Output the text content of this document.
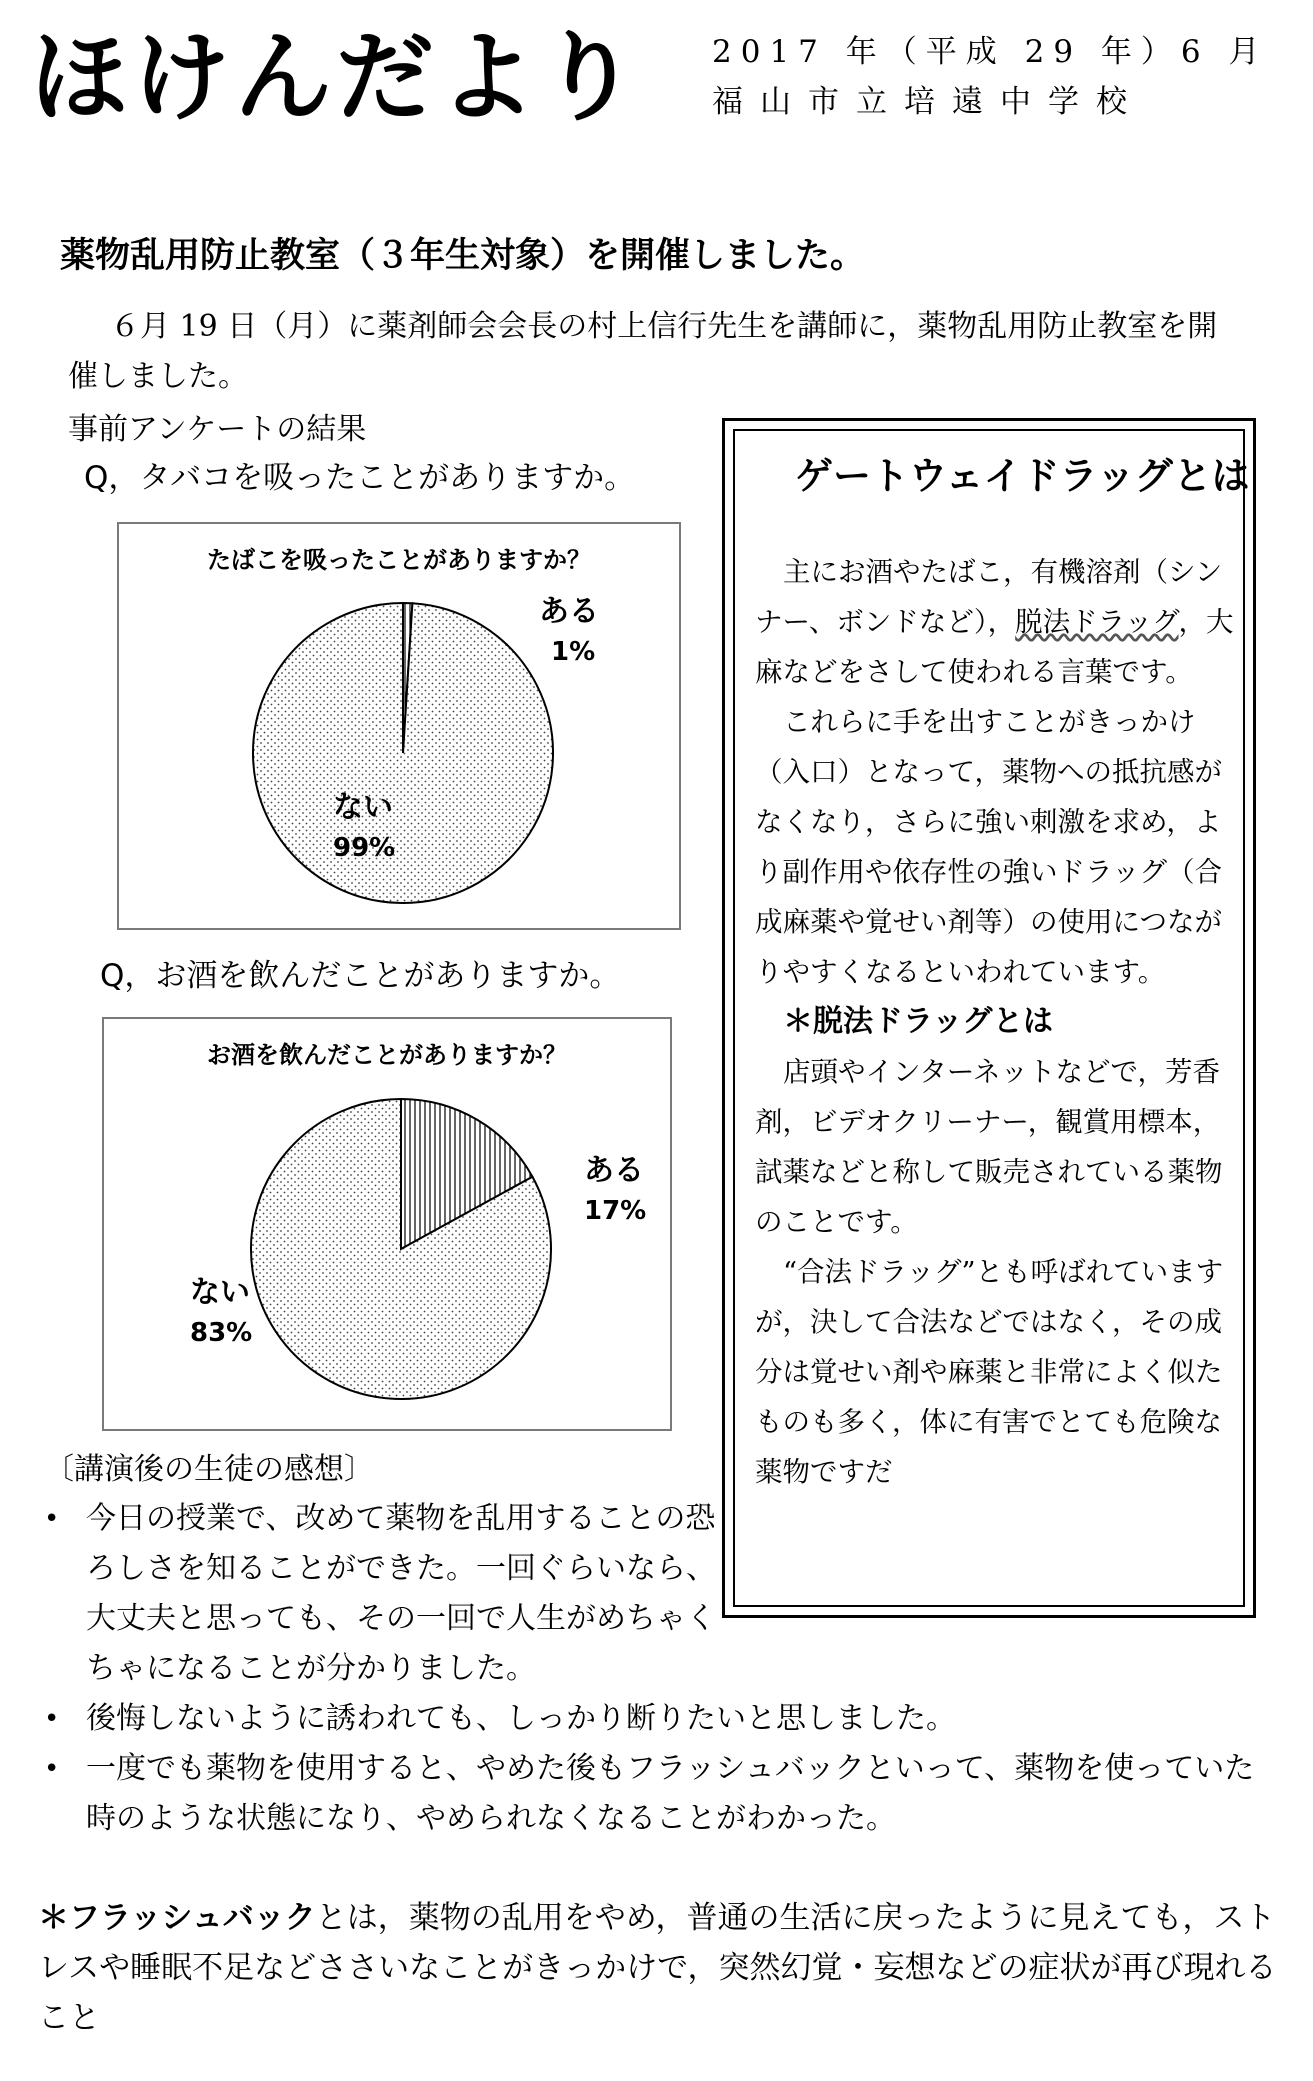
ほけんだより 2017 年（平成 29 年）6 月
福山市立培遠中学校
薬物乱用防止教室（３年生対象）を開催しました。

６月 19 日（月）に薬剤師会会長の村上信行先生を講師に，薬物乱用防止教室を開催しました。

事前アンケートの結果
Q，タバコを吸ったことがありますか。
たばこを吸ったことがありますか？
ある
1%
ない
99%
Q，お酒を飲んだことがありますか。
お酒を飲んだことがありますか？
ある
17%
ない
83%
ゲートウェイドラッグとは

主にお酒やたばこ，有機溶剤（シンナー、ボンドなど），脱法ドラッグ，大麻などをさして使われる言葉です。

これらに手を出すことがきっかけ（入口）となって，薬物への抵抗感がなくなり，さらに強い刺激を求め，より副作用や依存性の強いドラッグ（合成麻薬や覚せい剤等）の使用につながりやすくなるといわれています。

＊脱法ドラッグとは

店頭やインターネットなどで，芳香剤，ビデオクリーナー，観賞用標本，試薬などと称して販売されている薬物のことです。

“合法ドラッグ”とも呼ばれていますが，決して合法などではなく，その成分は覚せい剤や麻薬と非常によく似たものも多く，体に有害でとても危険な薬物ですだ

〔講演後の生徒の感想〕
• 今日の授業で、改めて薬物を乱用することの恐ろしさを知ることができた。一回ぐらいなら、大丈夫と思っても、その一回で人生がめちゃくちゃになることが分かりました。
• 後悔しないように誘われても、しっかり断りたいと思しました。
• 一度でも薬物を使用すると、やめた後もフラッシュバックといって、薬物を使っていた時のような状態になり、やめられなくなることがわかった。
＊フラッシュバックとは，薬物の乱用をやめ，普通の生活に戻ったように見えても，ストレスや睡眠不足などささいなことがきっかけで，突然幻覚・妄想などの症状が再び現れること
